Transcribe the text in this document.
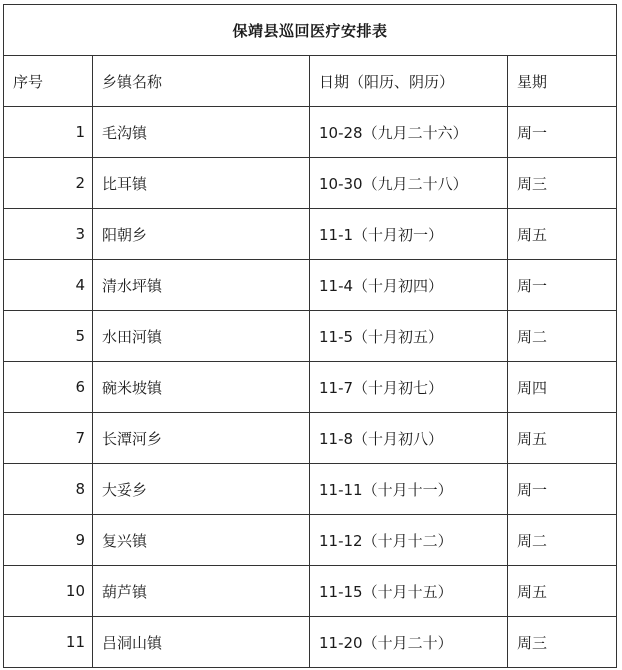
保靖县巡回医疗安排表			
序号	乡镇名称	日期（阳历、阴历）	星期
1	毛沟镇	10-28（九月二十六）	周一
2	比耳镇	10-30（九月二十八）	周三
3	阳朝乡	11-1（十月初一）	周五
4	清水坪镇	11-4（十月初四）	周一
5	水田河镇	11-5（十月初五）	周二
6	碗米坡镇	11-7（十月初七）	周四
7	长潭河乡	11-8（十月初八）	周五
8	大妥乡	11-11（十月十一）	周一
9	复兴镇	11-12（十月十二）	周二
10	葫芦镇	11-15（十月十五）	周五
11	吕洞山镇	11-20（十月二十）	周三
